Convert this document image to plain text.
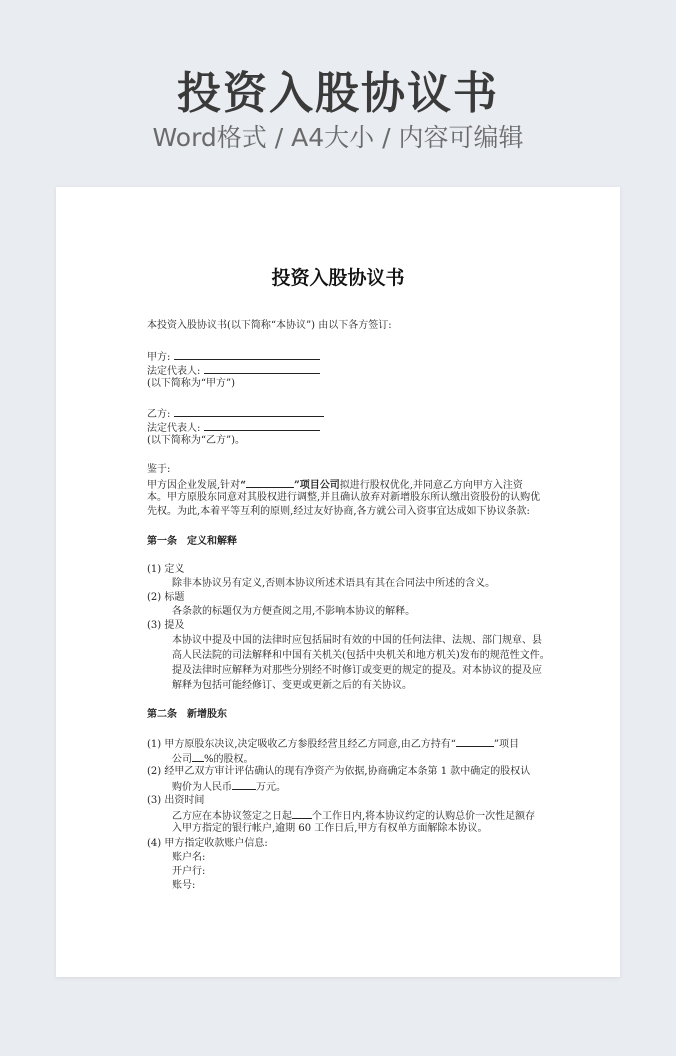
投资入股协议书
Word格式 / A4大小 / 内容可编辑
投资入股协议书
本投资入股协议书(以下简称“本协议”) 由以下各方签订:
甲方:
法定代表人:
(以下简称为“甲方”)
乙方:
法定代表人:
(以下简称为“乙方”)。
鉴于:
甲方因企业发展,针对“	”项目公司拟进行股权优化,并同意乙方向甲方入注资
本。甲方原股东同意对其股权进行调整,并且确认放弃对新增股东所认缴出资股份的认购优
先权。为此,本着平等互利的原则,经过友好协商,各方就公司入资事宜达成如下协议条款:
第一条　定义和解释
(1) 定义
除非本协议另有定义,否则本协议所述术语具有其在合同法中所述的含义。
(2) 标题
各条款的标题仅为方便查阅之用,不影响本协议的解释。
(3) 提及
本协议中提及中国的法律时应包括届时有效的中国的任何法律、法规、部门规章、县
高人民法院的司法解释和中国有关机关(包括中央机关和地方机关)发布的规范性文件。
提及法律时应解释为对那些分别经不时修订或变更的规定的提及。对本协议的提及应
解释为包括可能经修订、变更或更新之后的有关协议。
第二条　新增股东
(1) 甲方原股东决议,决定吸收乙方参股经营且经乙方同意,由乙方持有“	”项目
公司 %的股权。
(2) 经甲乙双方审计评估确认的现有净资产为依据,协商确定本条第 1 款中确定的股权认
购价为人民币 万元。
(3) 出资时间
乙方应在本协议签定之日起 个工作日内,将本协议约定的认购总价一次性足额存
入甲方指定的银行帐户,逾期 60 工作日后,甲方有权单方面解除本协议。
(4) 甲方指定收款账户信息:
账户名:
开户行:
账号:
